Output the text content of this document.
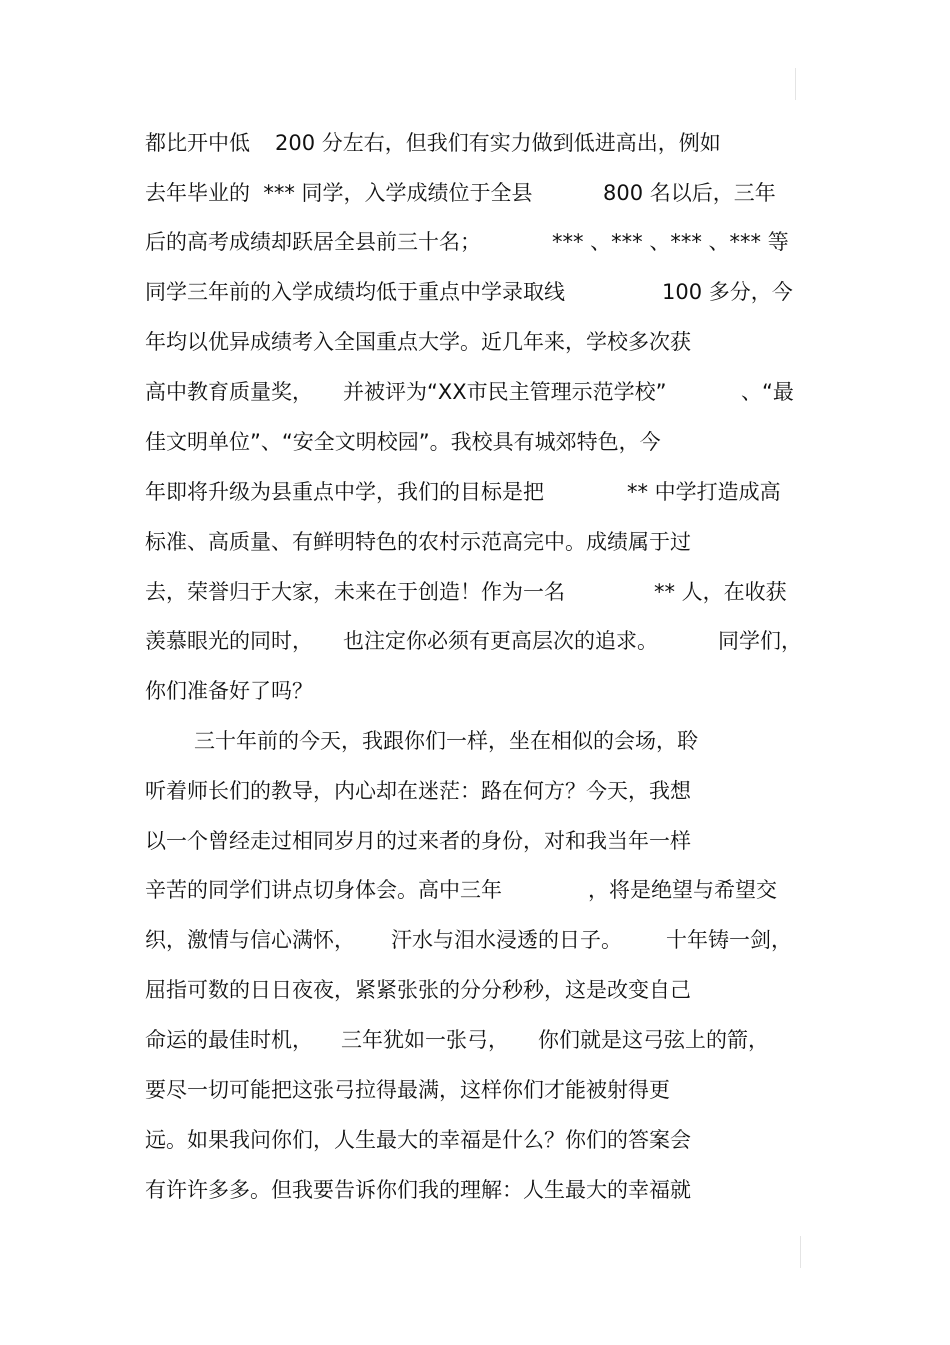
都比开中低 200 分左右，但我们有实力做到低进高出，例如
去年毕业的  *** 同学，入学成绩位于全县	800 名以后，三年
后的高考成绩却跃居全县前三十名；	*** 、*** 、*** 、*** 等
同学三年前的入学成绩均低于重点中学录取线	100 多分，今
年均以优异成绩考入全国重点大学。近几年来，学校多次获
高中教育质量奖， 并被评为“XX市民主管理示范学校”	、“最
佳文明单位”、“安全文明校园”。我校具有城郊特色，今
年即将升级为县重点中学，我们的目标是把	** 中学打造成高
标准、高质量、有鲜明特色的农村示范高完中。成绩属于过
去，荣誉归于大家，未来在于创造！作为一名	** 人，在收获
羡慕眼光的同时， 也注定你必须有更高层次的追求。	同学们，
你们准备好了吗？
三十年前的今天，我跟你们一样，坐在相似的会场，聆
听着师长们的教导，内心却在迷茫：路在何方？今天，我想
以一个曾经走过相同岁月的过来者的身份，对和我当年一样
辛苦的同学们讲点切身体会。高中三年	，将是绝望与希望交
织，激情与信心满怀， 汗水与泪水浸透的日子。 十年铸一剑，
屈指可数的日日夜夜，紧紧张张的分分秒秒，这是改变自己
命运的最佳时机， 三年犹如一张弓， 你们就是这弓弦上的箭，
要尽一切可能把这张弓拉得最满，这样你们才能被射得更
远。如果我问你们，人生最大的幸福是什么？你们的答案会
有许许多多。但我要告诉你们我的理解：人生最大的幸福就
